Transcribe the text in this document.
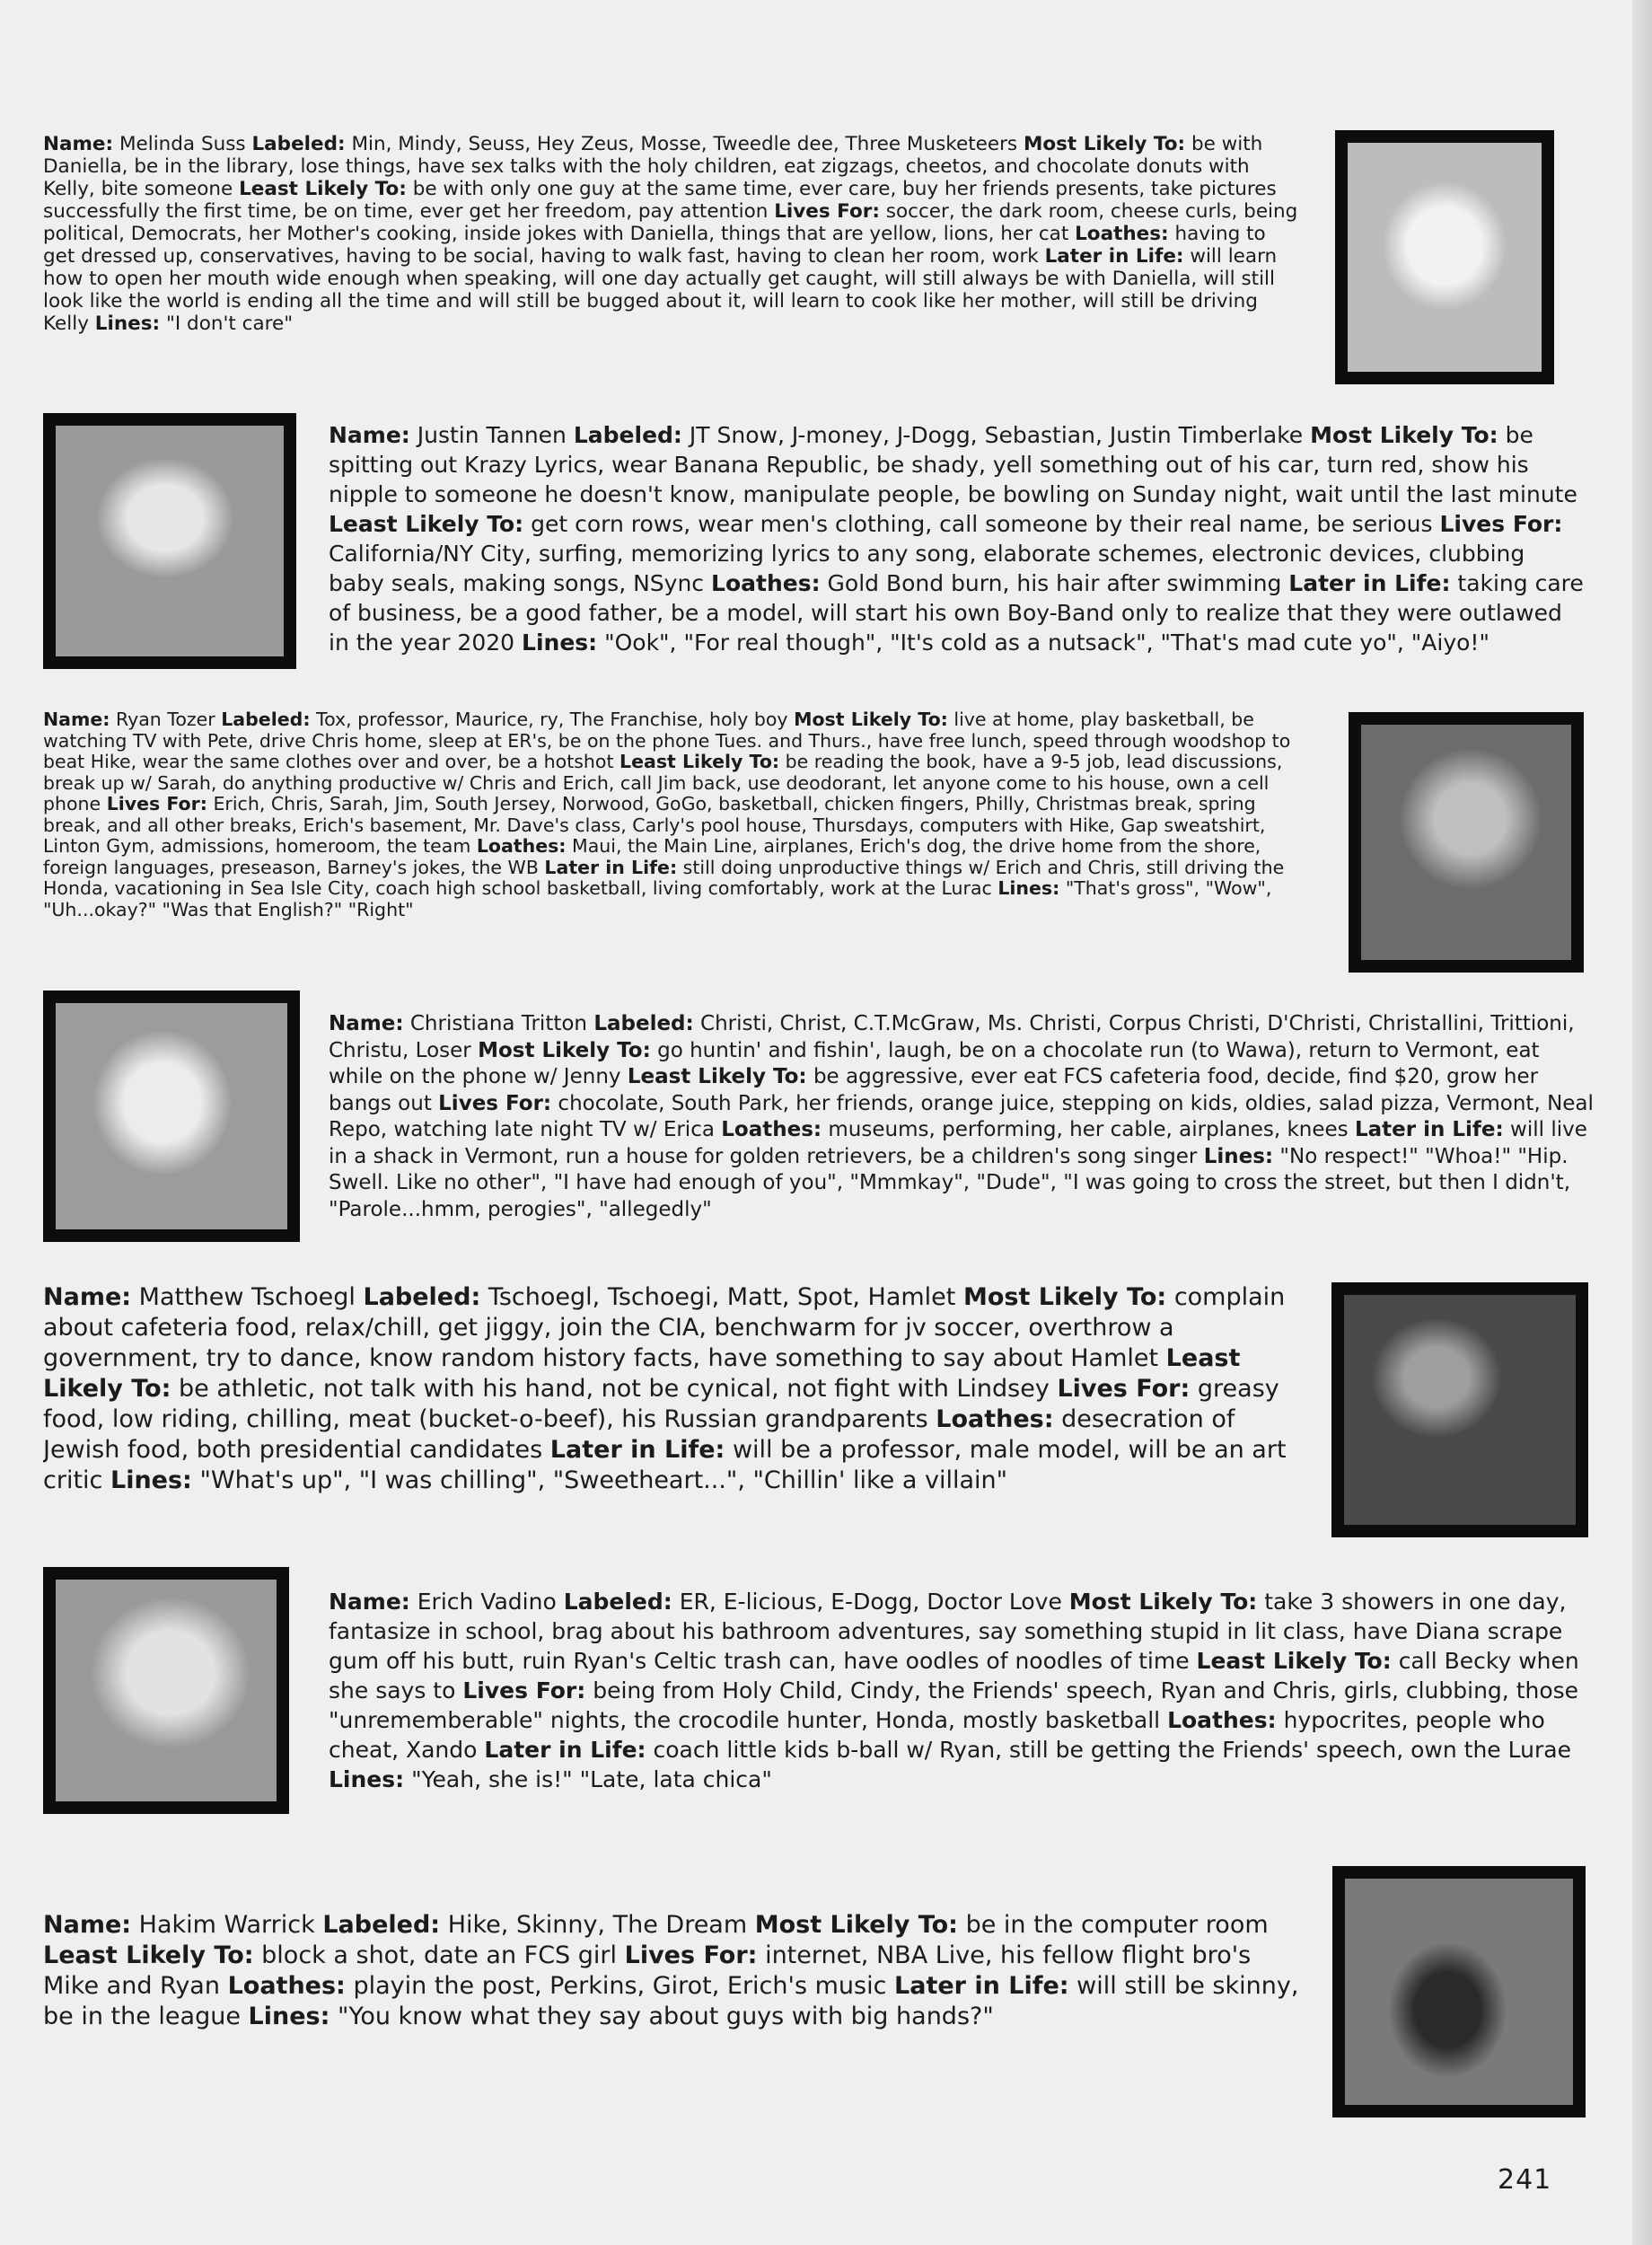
Name: Melinda Suss Labeled: Min, Mindy, Seuss, Hey Zeus, Mosse, Tweedle dee, Three Musketeers Most Likely To: be with Daniella, be in the library, lose things, have sex talks with the holy children, eat zigzags, cheetos, and chocolate donuts with Kelly, bite someone Least Likely To: be with only one guy at the same time, ever care, buy her friends presents, take pictures successfully the first time, be on time, ever get her freedom, pay attention Lives For: soccer, the dark room, cheese curls, being political, Democrats, her Mother's cooking, inside jokes with Daniella, things that are yellow, lions, her cat Loathes: having to get dressed up, conservatives, having to be social, having to walk fast, having to clean her room, work Later in Life: will learn how to open her mouth wide enough when speaking, will one day actually get caught, will still always be with Daniella, will still look like the world is ending all the time and will still be bugged about it, will learn to cook like her mother, will still be driving Kelly Lines: "I don't care"

Name: Justin Tannen Labeled: JT Snow, J-money, J-Dogg, Sebastian, Justin Timberlake Most Likely To: be spitting out Krazy Lyrics, wear Banana Republic, be shady, yell something out of his car, turn red, show his nipple to someone he doesn't know, manipulate people, be bowling on Sunday night, wait until the last minute Least Likely To: get corn rows, wear men's clothing, call someone by their real name, be serious Lives For: California/NY City, surfing, memorizing lyrics to any song, elaborate schemes, electronic devices, clubbing baby seals, making songs, NSync Loathes: Gold Bond burn, his hair after swimming Later in Life: taking care of business, be a good father, be a model, will start his own Boy-Band only to realize that they were outlawed in the year 2020 Lines: "Ook", "For real though", "It's cold as a nutsack", "That's mad cute yo", "Aiyo!"

Name: Ryan Tozer Labeled: Tox, professor, Maurice, ry, The Franchise, holy boy Most Likely To: live at home, play basketball, be watching TV with Pete, drive Chris home, sleep at ER's, be on the phone Tues. and Thurs., have free lunch, speed through woodshop to beat Hike, wear the same clothes over and over, be a hotshot Least Likely To: be reading the book, have a 9-5 job, lead discussions, break up w/ Sarah, do anything productive w/ Chris and Erich, call Jim back, use deodorant, let anyone come to his house, own a cell phone Lives For: Erich, Chris, Sarah, Jim, South Jersey, Norwood, GoGo, basketball, chicken fingers, Philly, Christmas break, spring break, and all other breaks, Erich's basement, Mr. Dave's class, Carly's pool house, Thursdays, computers with Hike, Gap sweatshirt, Linton Gym, admissions, homeroom, the team Loathes: Maui, the Main Line, airplanes, Erich's dog, the drive home from the shore, foreign languages, preseason, Barney's jokes, the WB Later in Life: still doing unproductive things w/ Erich and Chris, still driving the Honda, vacationing in Sea Isle City, coach high school basketball, living comfortably, work at the Lurac Lines: "That's gross", "Wow", "Uh...okay?" "Was that English?" "Right"

Name: Christiana Tritton Labeled: Christi, Christ, C.T.McGraw, Ms. Christi, Corpus Christi, D'Christi, Christallini, Trittioni, Christu, Loser Most Likely To: go huntin' and fishin', laugh, be on a chocolate run (to Wawa), return to Vermont, eat while on the phone w/ Jenny Least Likely To: be aggressive, ever eat FCS cafeteria food, decide, find $20, grow her bangs out Lives For: chocolate, South Park, her friends, orange juice, stepping on kids, oldies, salad pizza, Vermont, Neal Repo, watching late night TV w/ Erica Loathes: museums, performing, her cable, airplanes, knees Later in Life: will live in a shack in Vermont, run a house for golden retrievers, be a children's song singer Lines: "No respect!" "Whoa!" "Hip. Swell. Like no other", "I have had enough of you", "Mmmkay", "Dude", "I was going to cross the street, but then I didn't, "Parole...hmm, perogies", "allegedly"

Name: Matthew Tschoegl Labeled: Tschoegl, Tschoegi, Matt, Spot, Hamlet Most Likely To: complain about cafeteria food, relax/chill, get jiggy, join the CIA, benchwarm for jv soccer, overthrow a government, try to dance, know random history facts, have something to say about Hamlet Least Likely To: be athletic, not talk with his hand, not be cynical, not fight with Lindsey Lives For: greasy food, low riding, chilling, meat (bucket-o-beef), his Russian grandparents Loathes: desecration of Jewish food, both presidential candidates Later in Life: will be a professor, male model, will be an art critic Lines: "What's up", "I was chilling", "Sweetheart...", "Chillin' like a villain"

Name: Erich Vadino Labeled: ER, E-licious, E-Dogg, Doctor Love Most Likely To: take 3 showers in one day, fantasize in school, brag about his bathroom adventures, say something stupid in lit class, have Diana scrape gum off his butt, ruin Ryan's Celtic trash can, have oodles of noodles of time Least Likely To: call Becky when she says to Lives For: being from Holy Child, Cindy, the Friends' speech, Ryan and Chris, girls, clubbing, those "unrememberable" nights, the crocodile hunter, Honda, mostly basketball Loathes: hypocrites, people who cheat, Xando Later in Life: coach little kids b-ball w/ Ryan, still be getting the Friends' speech, own the Lurae Lines: "Yeah, she is!" "Late, lata chica"

Name: Hakim Warrick Labeled: Hike, Skinny, The Dream Most Likely To: be in the computer room Least Likely To: block a shot, date an FCS girl Lives For: internet, NBA Live, his fellow flight bro's Mike and Ryan Loathes: playin the post, Perkins, Girot, Erich's music Later in Life: will still be skinny, be in the league Lines: "You know what they say about guys with big hands?"

241
